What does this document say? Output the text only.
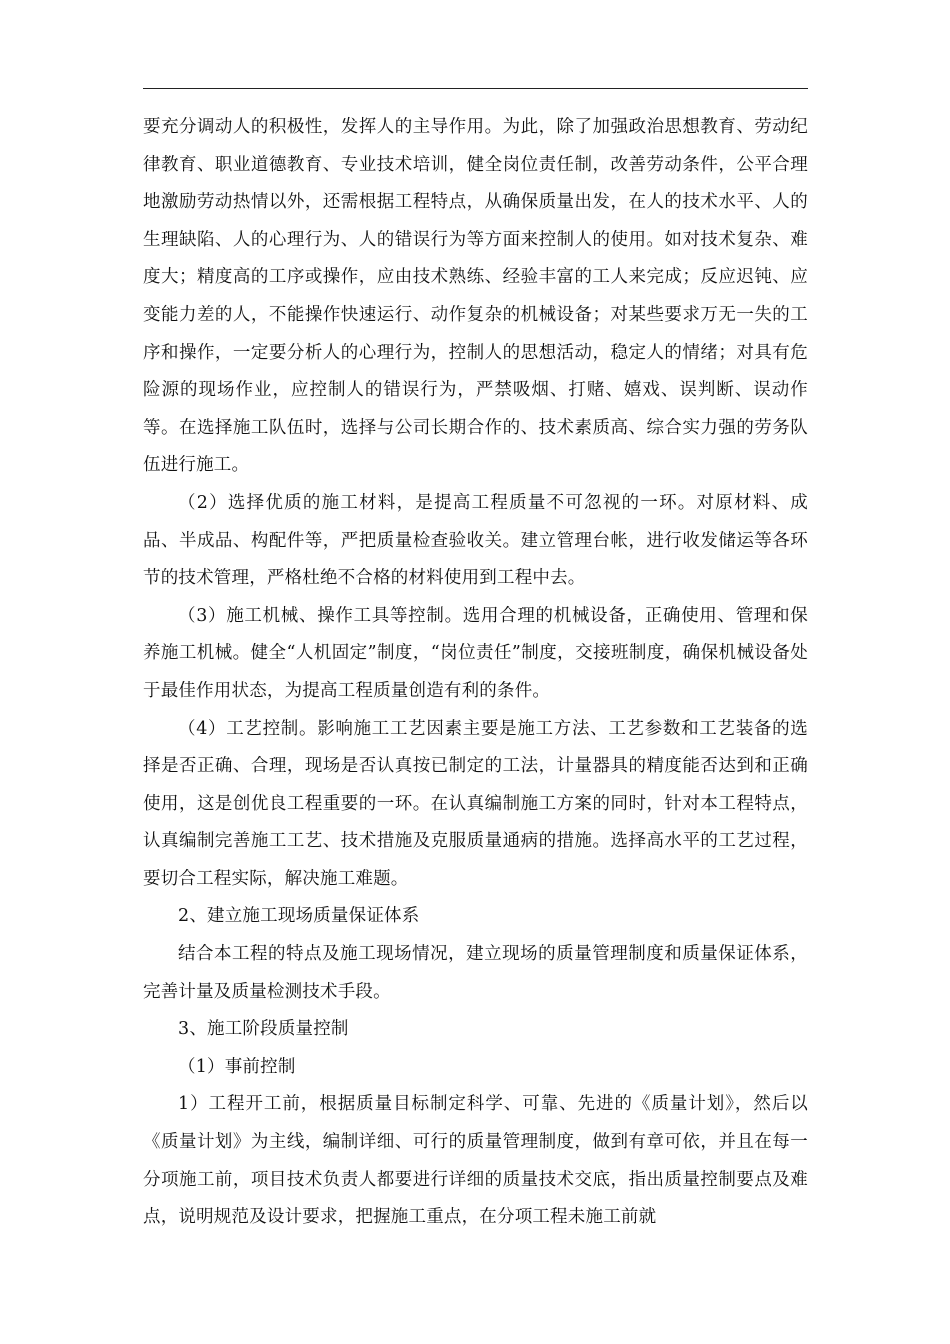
要充分调动人的积极性，发挥人的主导作用。为此，除了加强政治思想教育、劳动纪律教育、职业道德教育、专业技术培训，健全岗位责任制，改善劳动条件，公平合理地激励劳动热情以外，还需根据工程特点，从确保质量出发，在人的技术水平、人的生理缺陷、人的心理行为、人的错误行为等方面来控制人的使用。如对技术复杂、难度大；精度高的工序或操作，应由技术熟练、经验丰富的工人来完成；反应迟钝、应变能力差的人，不能操作快速运行、动作复杂的机械设备；对某些要求万无一失的工序和操作，一定要分析人的心理行为，控制人的思想活动，稳定人的情绪；对具有危险源的现场作业，应控制人的错误行为，严禁吸烟、打赌、嬉戏、误判断、误动作等。在选择施工队伍时，选择与公司长期合作的、技术素质高、综合实力强的劳务队伍进行施工。

（2）选择优质的施工材料，是提高工程质量不可忽视的一环。对原材料、成品、半成品、构配件等，严把质量检查验收关。建立管理台帐，进行收发储运等各环节的技术管理，严格杜绝不合格的材料使用到工程中去。

（3）施工机械、操作工具等控制。选用合理的机械设备，正确使用、管理和保养施工机械。健全“人机固定”制度，“岗位责任”制度，交接班制度，确保机械设备处于最佳作用状态，为提高工程质量创造有利的条件。

（4）工艺控制。影响施工工艺因素主要是施工方法、工艺参数和工艺装备的选择是否正确、合理，现场是否认真按已制定的工法，计量器具的精度能否达到和正确使用，这是创优良工程重要的一环。在认真编制施工方案的同时，针对本工程特点，认真编制完善施工工艺、技术措施及克服质量通病的措施。选择高水平的工艺过程，要切合工程实际，解决施工难题。

2、建立施工现场质量保证体系

结合本工程的特点及施工现场情况，建立现场的质量管理制度和质量保证体系，完善计量及质量检测技术手段。

3、施工阶段质量控制

（1）事前控制

1）工程开工前，根据质量目标制定科学、可靠、先进的《质量计划》，然后以《质量计划》为主线，编制详细、可行的质量管理制度，做到有章可依，并且在每一分项施工前，项目技术负责人都要进行详细的质量技术交底，指出质量控制要点及难点，说明规范及设计要求，把握施工重点，在分项工程未施工前就
